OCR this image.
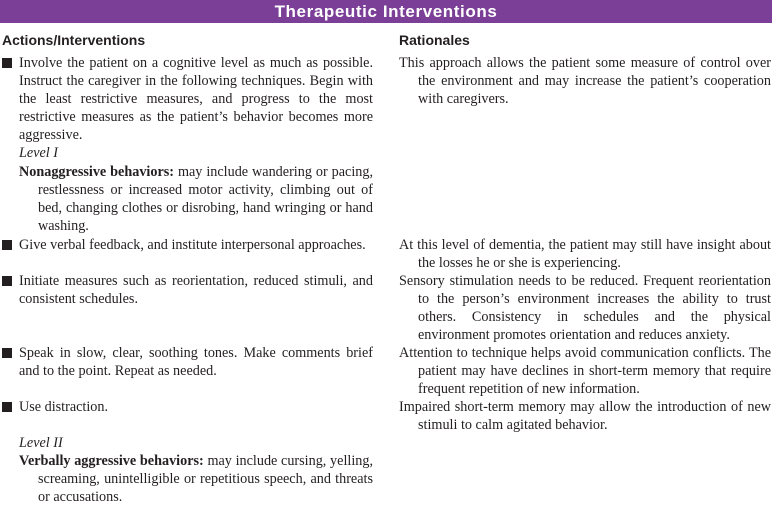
Therapeutic Interventions
Actions/Interventions	Rationales

Involve the patient on a cognitive level as much as possible. Instruct the caregiver in the following techniques. Begin with the least restrictive measures, and progress to the most restrictive measures as the patient’s behavior becomes more aggressive.

Level I

Nonaggressive behaviors: may include wandering or pacing, restlessness or increased motor activity, climbing out of bed, changing clothes or disrobing, hand wringing or hand washing.

Give verbal feedback, and institute interpersonal approaches.

Initiate measures such as reorientation, reduced stimuli, and consistent schedules.

Speak in slow, clear, soothing tones. Make comments brief and to the point. Repeat as needed.

Use distraction.

Level II

Verbally aggressive behaviors: may include cursing, yelling, screaming, unintelligible or repetitious speech, and threats or accusations.

This approach allows the patient some measure of control over the environment and may increase the patient’s cooperation with caregivers.

At this level of dementia, the patient may still have insight about the losses he or she is experiencing.

Sensory stimulation needs to be reduced. Frequent reorientation to the person’s environment increases the ability to trust others. Consistency in schedules and the physical environment promotes orientation and reduces anxiety.

Attention to technique helps avoid communication conflicts. The patient may have declines in short-term memory that require frequent repetition of new information.

Impaired short-term memory may allow the introduction of new stimuli to calm agitated behavior.
